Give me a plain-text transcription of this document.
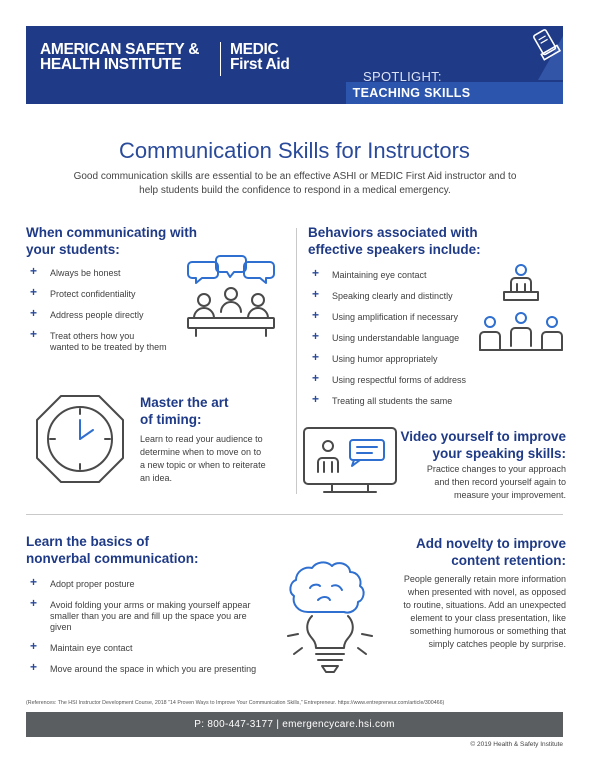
AMERICAN SAFETY &
HEALTH INSTITUTE
MEDIC
First Aid
SPOTLIGHT:
TEACHING SKILLS
Communication Skills for Instructors
Good communication skills are essential to be an effective ASHI or MEDIC First Aid instructor and to help students build the confidence to respond in a medical emergency.
When communicating with
your students:
+ Always be honest
+ Protect confidentiality
+ Address people directly
+ Treat others how you
wanted to be treated by them
Behaviors associated with
effective speakers include:
+ Maintaining eye contact
+ Speaking clearly and distinctly
+ Using amplification if necessary
+ Using understandable language
+ Using humor appropriately
+ Using respectful forms of address
+ Treating all students the same
Master the art
of timing:
Learn to read your audience to
determine when to move on to
a new topic or when to reiterate
an idea.
Video yourself to improve
your speaking skills:
Practice changes to your approach
and then record yourself again to
measure your improvement.
Learn the basics of
nonverbal communication:
+ Adopt proper posture
+ Avoid folding your arms or making yourself appear
smaller than you are and fill up the space you are
given
+ Maintain eye contact
+ Move around the space in which you are presenting
Add novelty to improve
content retention:
People generally retain more information
when presented with novel, as opposed
to routine, situations. Add an unexpected
element to your class presentation, like
something humorous or something that
simply catches people by surprise.
(References: The HSI Instructor Development Course, 2018 "14 Proven Ways to Improve Your Communication Skills," Entrepreneur. https://www.entrepreneur.com/article/300466)
P: 800-447-3177 | emergencycare.hsi.com
© 2019 Health & Safety Institute
